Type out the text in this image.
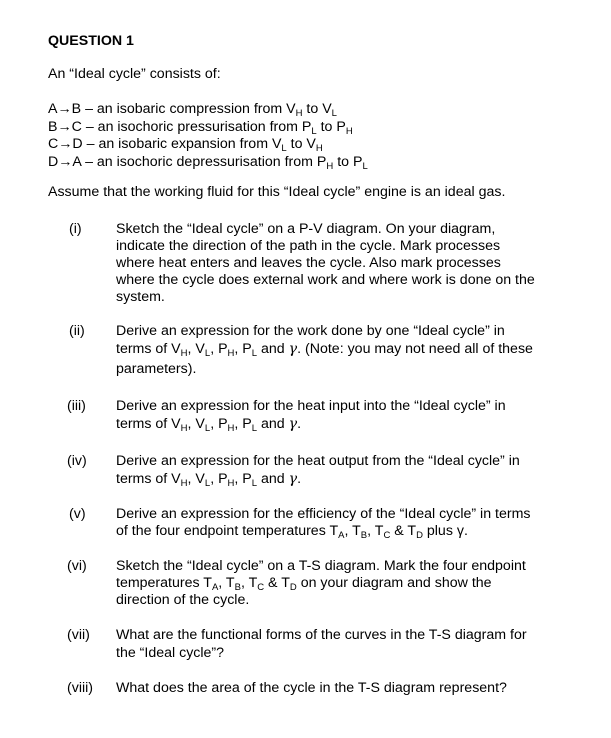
QUESTION 1
An “Ideal cycle” consists of:
A→B – an isobaric compression from $V_H$ to $V_L$
B→C – an isochoric pressurisation from $P_L$ to $P_H$
C→D – an isobaric expansion from $V_L$ to $V_H$
D→A – an isochoric depressurisation from $P_H$ to $P_L$
Assume that the working fluid for this “Ideal cycle” engine is an ideal gas.
(i) Sketch the “Ideal cycle” on a P-V diagram. On your diagram,
indicate the direction of the path in the cycle. Mark processes
where heat enters and leaves the cycle. Also mark processes
where the cycle does external work and where work is done on the
system.
(ii) Derive an expression for the work done by one “Ideal cycle” in
terms of $V_H$, $V_L$, $P_H$, $P_L$ and γ. (Note: you may not need all of these
parameters).
(iii) Derive an expression for the heat input into the “Ideal cycle” in
terms of $V_H$, $V_L$, $P_H$, $P_L$ and γ.
(iv) Derive an expression for the heat output from the “Ideal cycle” in
terms of $V_H$, $V_L$, $P_H$, $P_L$ and γ.
(v) Derive an expression for the efficiency of the “Ideal cycle” in terms
of the four endpoint temperatures $T_A$, $T_B$, $T_C$ & $T_D$ plus γ.
(vi) Sketch the “Ideal cycle” on a T-S diagram. Mark the four endpoint
temperatures $T_A$, $T_B$, $T_C$ & $T_D$ on your diagram and show the
direction of the cycle.
(vii) What are the functional forms of the curves in the T-S diagram for
the “Ideal cycle”?
(viii) What does the area of the cycle in the T-S diagram represent?
